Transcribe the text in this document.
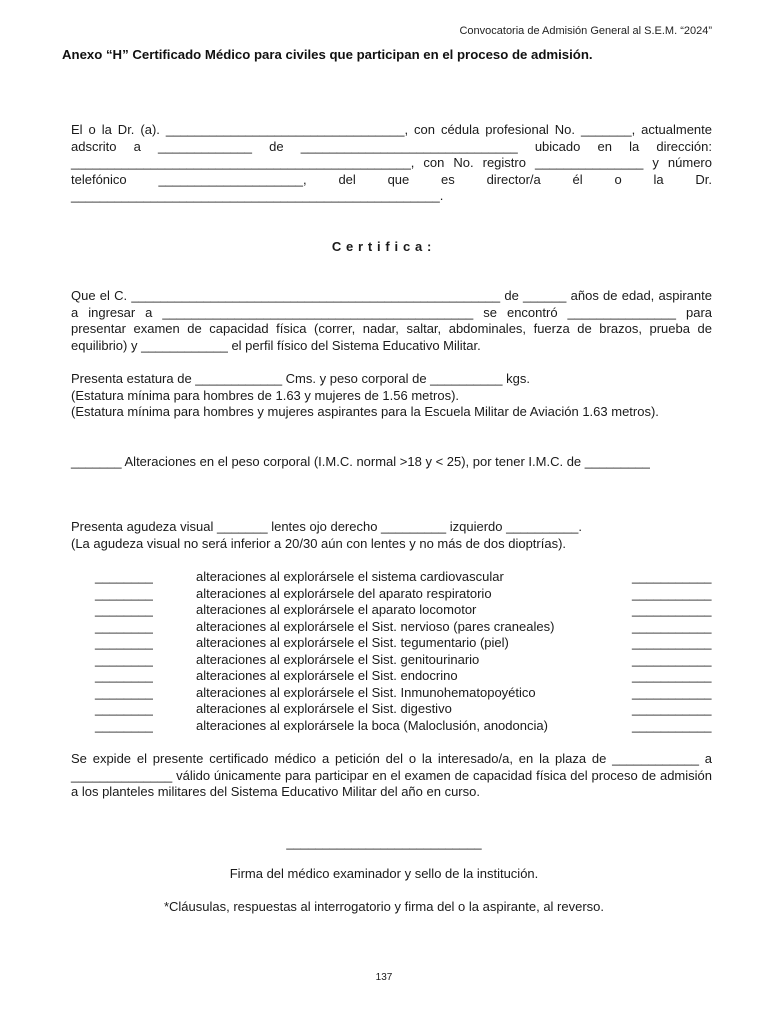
Convocatoria de Admisión General al S.E.M. “2024”
Anexo “H” Certificado Médico para civiles que participan en el proceso de admisión.
El o la Dr. (a). _________________________________, con cédula profesional No. _______, actualmente adscrito a _____________ de ______________________________ ubicado en la dirección: _______________________________________________, con No. registro _______________ y número telefónico ____________________, del que es director/a él o la Dr. ___________________________________________________.
Certifica:
Que el C. ___________________________________________________ de ______ años de edad, aspirante a ingresar a ___________________________________________ se encontró _______________ para presentar examen de capacidad física (correr, nadar, saltar, abdominales, fuerza de brazos, prueba de equilibrio) y ____________ el perfil físico del Sistema Educativo Militar.
Presenta estatura de ____________ Cms. y peso corporal de __________ kgs.
(Estatura mínima para hombres de 1.63 y mujeres de 1.56 metros).
(Estatura mínima para hombres y mujeres aspirantes para la Escuela Militar de Aviación 1.63 metros).
_______ Alteraciones en el peso corporal (I.M.C. normal >18 y < 25), por tener I.M.C. de _________
Presenta agudeza visual _______ lentes ojo derecho _________ izquierdo __________.
(La agudeza visual no será inferior a 20/30 aún con lentes y no más de dos dioptrías).
________	alteraciones al explorársele el sistema cardiovascular	___________
________	alteraciones al explorársele del aparato respiratorio	___________
________	alteraciones al explorársele el aparato locomotor	___________
________	alteraciones al explorársele el Sist. nervioso (pares craneales)	___________
________	alteraciones al explorársele el Sist. tegumentario (piel)	___________
________	alteraciones al explorársele el Sist. genitourinario	___________
________	alteraciones al explorársele el Sist. endocrino	___________
________	alteraciones al explorársele el Sist. Inmunohematopoyético	___________
________	alteraciones al explorársele el Sist. digestivo	___________
________	alteraciones al explorársele la boca (Maloclusión, anodoncia)	___________
Se expide el presente certificado médico a petición del o la interesado/a, en la plaza de ____________ a ______________ válido únicamente para participar en el examen de capacidad física del proceso de admisión a los planteles militares del Sistema Educativo Militar del año en curso.
___________________________
Firma del médico examinador y sello de la institución.
*Cláusulas, respuestas al interrogatorio y firma del o la aspirante, al reverso.
137
